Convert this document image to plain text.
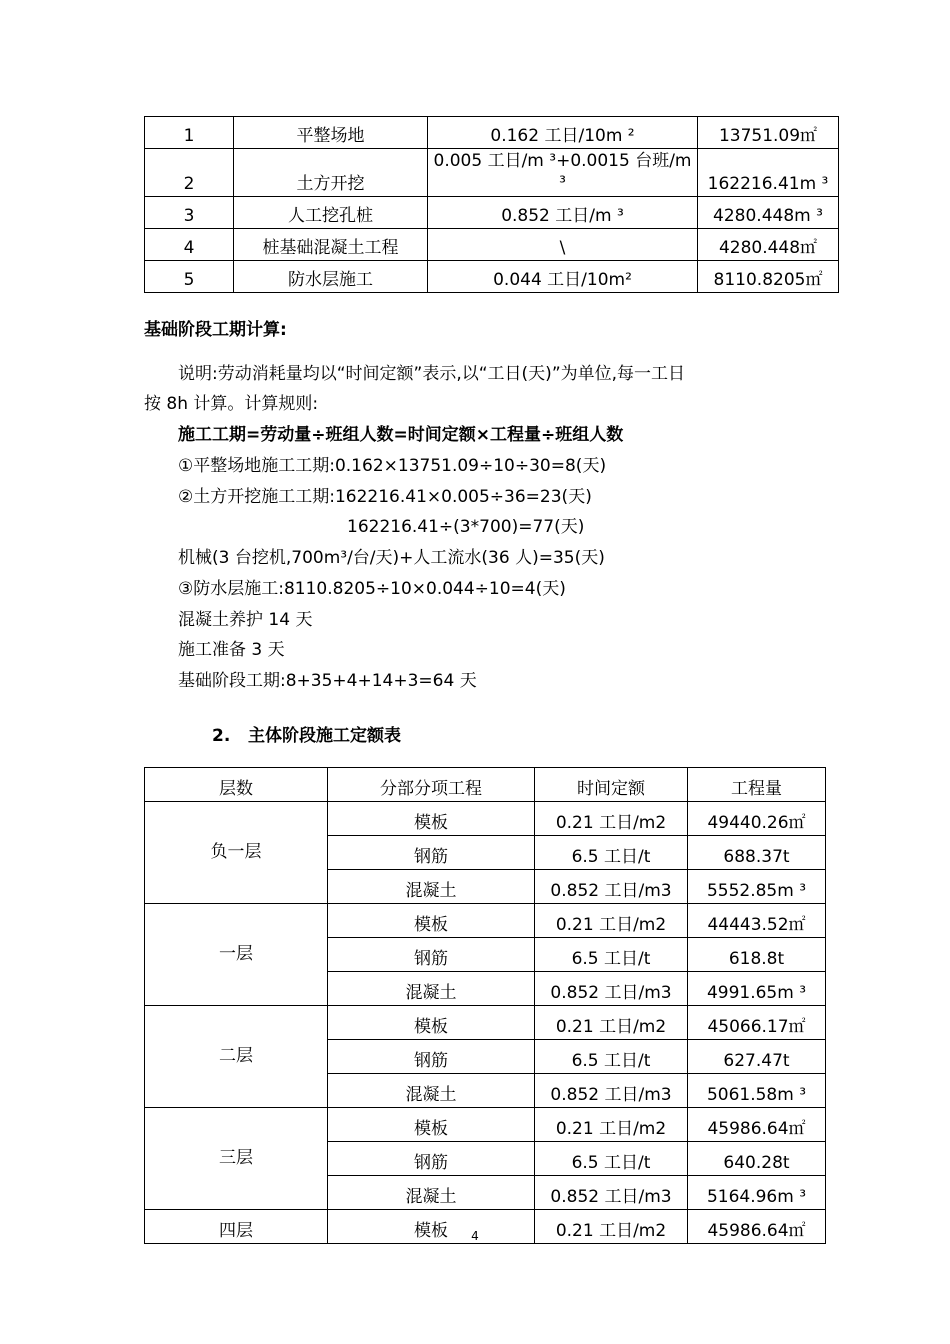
1	平整场地	0.162 工日/10m ²	13751.09㎡
2	土方开挖	0.005 工日/m ³+0.0015 台班/m ³	162216.41m ³
3	人工挖孔桩	0.852 工日/m ³	4280.448m ³
4	桩基础混凝土工程	\	4280.448㎡
5	防水层施工	0.044 工日/10m²	8110.8205㎡
基础阶段工期计算:
说明:劳动消耗量均以“时间定额”表示,以“工日(天)”为单位,每一工日
按 8h 计算。计算规则:
施工工期=劳动量÷班组人数=时间定额×工程量÷班组人数
①平整场地施工工期:0.162×13751.09÷10÷30=8(天)
②土方开挖施工工期:162216.41×0.005÷36=23(天)
162216.41÷(3*700)=77(天)
机械(3 台挖机,700m³/台/天)+人工流水(36 人)=35(天)
③防水层施工:8110.8205÷10×0.044÷10=4(天)
混凝土养护 14 天
施工准备 3 天
基础阶段工期:8+35+4+14+3=64 天
2.   主体阶段施工定额表
层数	分部分项工程	时间定额	工程量
负一层	模板	0.21 工日/m2	49440.26㎡
	钢筋	6.5 工日/t	688.37t
	混凝土	0.852 工日/m3	5552.85m ³
一层	模板	0.21 工日/m2	44443.52㎡
	钢筋	6.5 工日/t	618.8t
	混凝土	0.852 工日/m3	4991.65m ³
二层	模板	0.21 工日/m2	45066.17㎡
	钢筋	6.5 工日/t	627.47t
	混凝土	0.852 工日/m3	5061.58m ³
三层	模板	0.21 工日/m2	45986.64㎡
	钢筋	6.5 工日/t	640.28t
	混凝土	0.852 工日/m3	5164.96m ³
四层	模板	0.21 工日/m2	45986.64㎡
4
